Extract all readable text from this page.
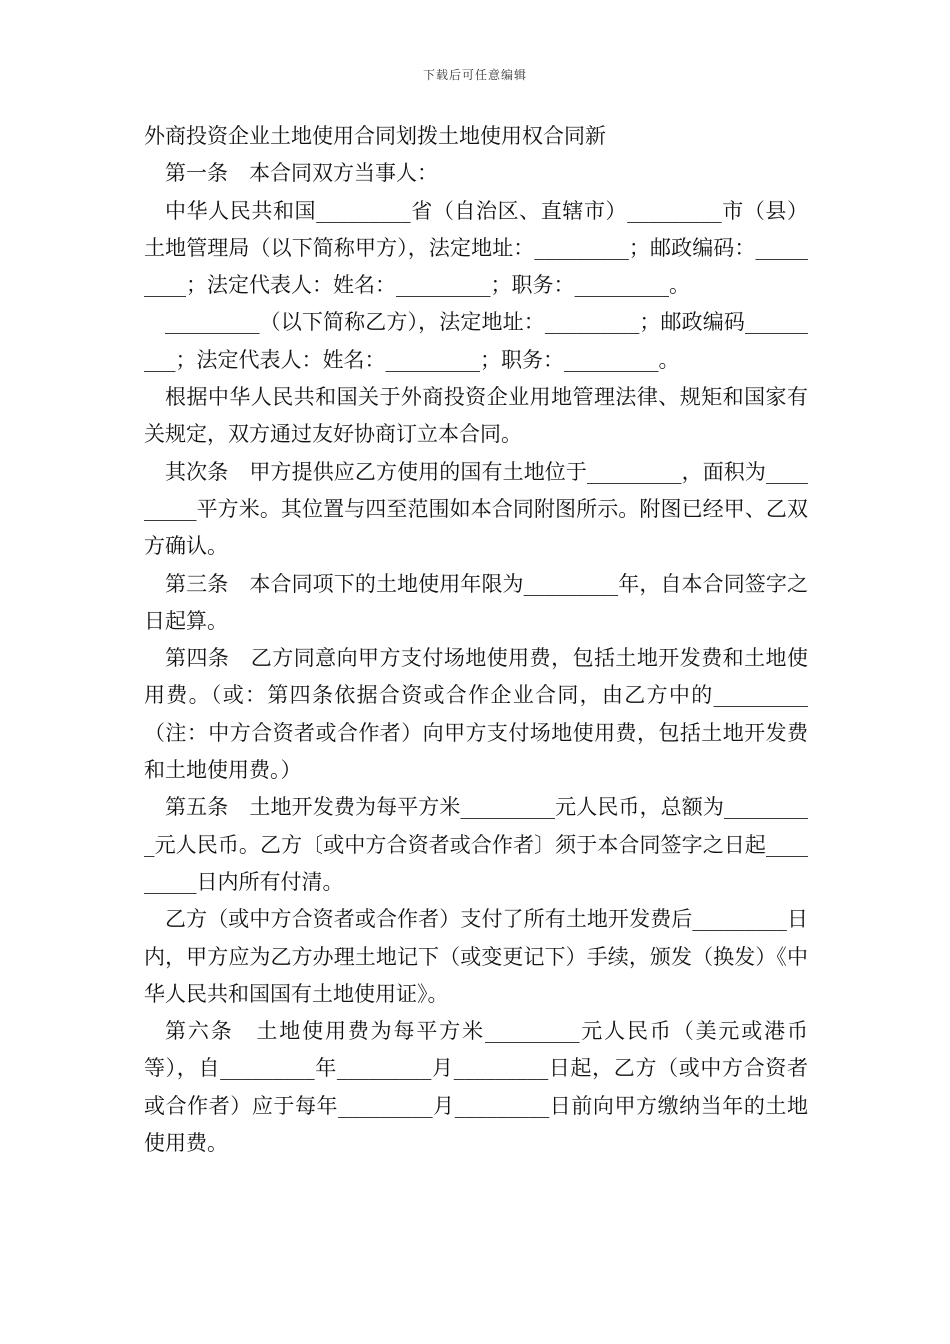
下载后可任意编辑
外商投资企业土地使用合同划拨土地使用权合同新

第一条　本合同双方当事人：

中华人民共和国_________省（自治区、直辖市）_________市（县）土地管理局（以下简称甲方），法定地址：_________；邮政编码：_________；法定代表人：姓名：_________；职务：_________。

_________（以下简称乙方），法定地址：_________；邮政编码_________；法定代表人：姓名：_________；职务：_________。

根据中华人民共和国关于外商投资企业用地管理法律、规矩和国家有关规定，双方通过友好协商订立本合同。

其次条　甲方提供应乙方使用的国有土地位于_________，面积为_________平方米。其位置与四至范围如本合同附图所示。附图已经甲、乙双方确认。

第三条　本合同项下的土地使用年限为_________年，自本合同签字之日起算。

第四条　乙方同意向甲方支付场地使用费，包括土地开发费和土地使用费。（或：第四条依据合资或合作企业合同，由乙方中的_________（注：中方合资者或合作者）向甲方支付场地使用费，包括土地开发费和土地使用费。）

第五条　土地开发费为每平方米_________元人民币，总额为_________元人民币。乙方〔或中方合资者或合作者〕须于本合同签字之日起_________日内所有付清。

乙方（或中方合资者或合作者）支付了所有土地开发费后_________日内，甲方应为乙方办理土地记下（或变更记下）手续，颁发（换发）《中华人民共和国国有土地使用证》。

第六条　土地使用费为每平方米_________元人民币（美元或港币等），自_________年_________月_________日起，乙方（或中方合资者或合作者）应于每年_________月_________日前向甲方缴纳当年的土地使用费。
